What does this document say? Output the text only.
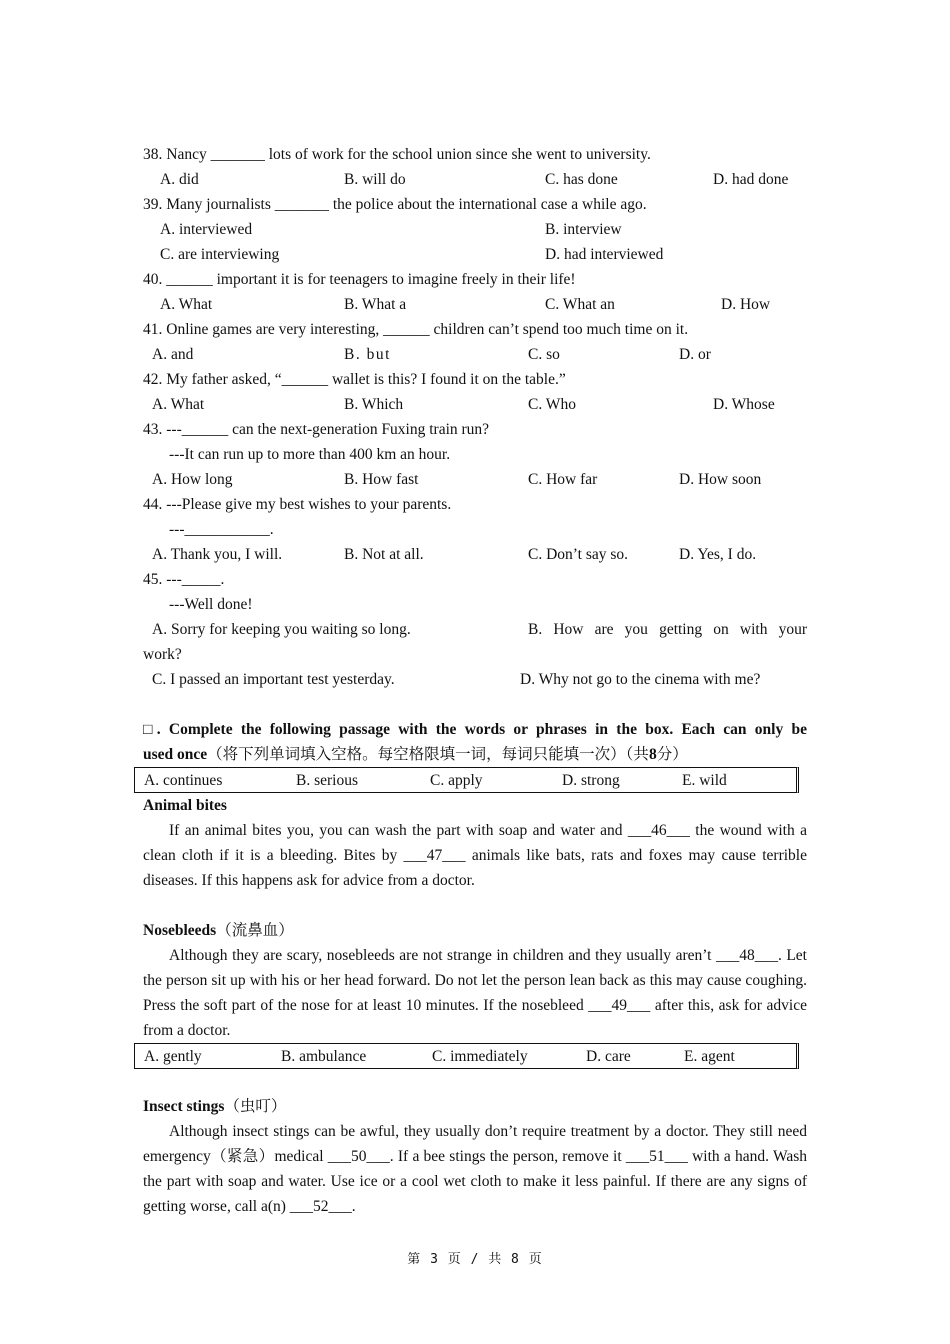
38. Nancy _______ lots of work for the school union since she went to university.
A. did	B. will do	C. has done	D. had done
39. Many journalists _______ the police about the international case a while ago.
A. interviewed	B. interview
C. are interviewing	D. had interviewed
40. ______ important it is for teenagers to imagine freely in their life!
A. What	B. What a	C. What an	D. How
41. Online games are very interesting, ______ children can’t spend too much time on it.
A. and	B. but	C. so	D. or
42. My father asked, “______ wallet is this? I found it on the table.”
A. What	B. Which	C. Who	D. Whose
43. ---______ can the next-generation Fuxing train run?
---It can run up to more than 400 km an hour.
A. How long	B. How fast	C. How far	D. How soon
44. ---Please give my best wishes to your parents.
---___________.
A. Thank you, I will.	B. Not at all.	C. Don’t say so.	D. Yes, I do.
45. ---_____.
---Well done!
A. Sorry for keeping you waiting so long.	B. How are you getting on with your
work?
C. I passed an important test yesterday.	D. Why not go to the cinema with me?
□. Complete the following passage with the words or phrases in the box. Each can only be
used once（将下列单词填入空格。每空格限填一词，每词只能填一次）（共8分）
A. continues	B. serious	C. apply	D. strong	E. wild
Animal bites

If an animal bites you, you can wash the part with soap and water and ___46___ the wound with a clean cloth if it is a bleeding. Bites by ___47___ animals like bats, rats and foxes may cause terrible diseases. If this happens ask for advice from a doctor.

Nosebleeds（流鼻血）

Although they are scary, nosebleeds are not strange in children and they usually aren’t ___48___. Let the person sit up with his or her head forward. Do not let the person lean back as this may cause coughing. Press the soft part of the nose for at least 10 minutes. If the nosebleed ___49___ after this, ask for advice from a doctor.

A. gently	B. ambulance	C. immediately	D. care	E. agent
Insect stings（虫叮）

Although insect stings can be awful, they usually don’t require treatment by a doctor. They still need emergency（紧急）medical ___50___. If a bee stings the person, remove it ___51___ with a hand. Wash the part with soap and water. Use ice or a cool wet cloth to make it less painful. If there are any signs of getting worse, call a(n) ___52___.

第 3 页 / 共 8 页
